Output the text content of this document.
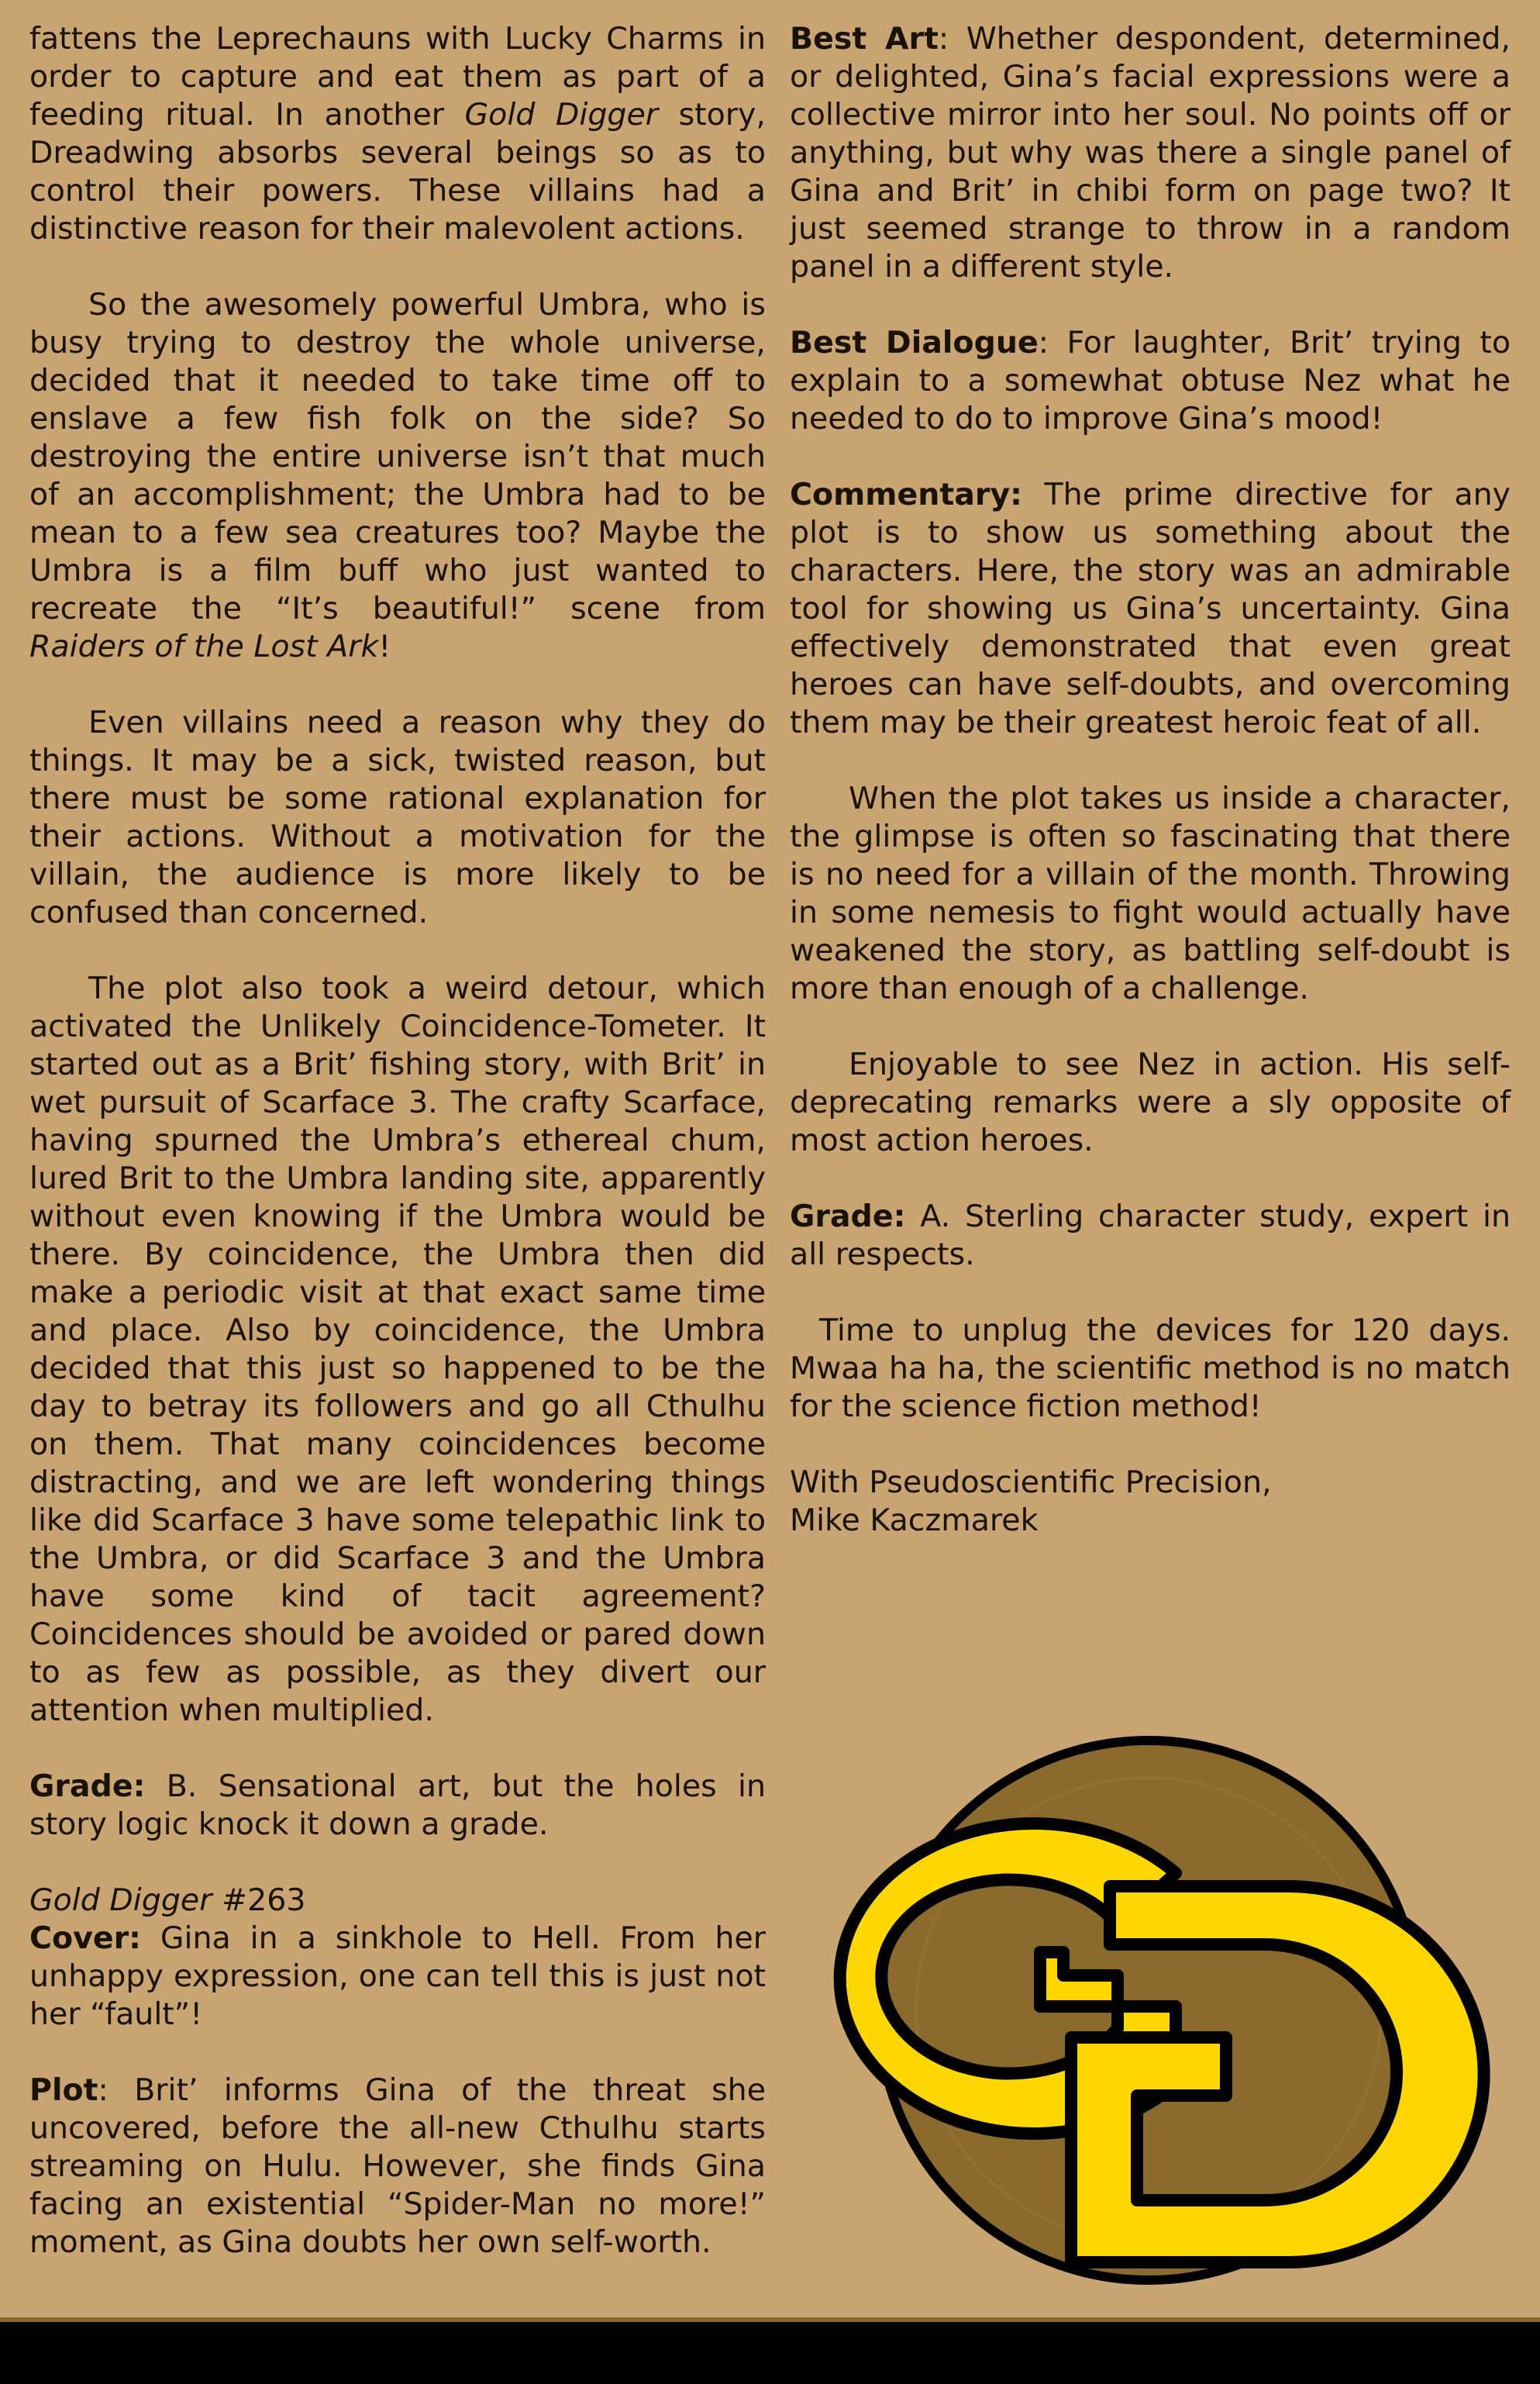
fattens the Leprechauns with Lucky Charms in order to capture and eat them as part of a feeding ritual. In another Gold Digger story, Dreadwing absorbs several beings so as to control their powers. These villains had a distinctive reason for their malevolent actions.

So the awesomely powerful Umbra, who is busy trying to destroy the whole universe, decided that it needed to take time off to enslave a few fish folk on the side? So destroying the entire universe isn’t that much of an accomplishment; the Umbra had to be mean to a few sea creatures too? Maybe the Umbra is a film buff who just wanted to recreate the “It’s beautiful!” scene from Raiders of the Lost Ark!

Even villains need a reason why they do things. It may be a sick, twisted reason, but there must be some rational explanation for their actions. Without a motivation for the villain, the audience is more likely to be confused than concerned.

The plot also took a weird detour, which activated the Unlikely Coincidence-Tometer. It started out as a Brit’ fishing story, with Brit’ in wet pursuit of Scarface 3. The crafty Scarface, having spurned the Umbra’s ethereal chum, lured Brit to the Umbra landing site, apparently without even knowing if the Umbra would be there. By coincidence, the Umbra then did make a periodic visit at that exact same time and place. Also by coincidence, the Umbra decided that this just so happened to be the day to betray its followers and go all Cthulhu on them. That many coincidences become distracting, and we are left wondering things like did Scarface 3 have some telepathic link to the Umbra, or did Scarface 3 and the Umbra have some kind of tacit agreement? Coincidences should be avoided or pared down to as few as possible, as they divert our attention when multiplied.

Grade: B. Sensational art, but the holes in story logic knock it down a grade.

Gold Digger #263

Cover: Gina in a sinkhole to Hell. From her unhappy expression, one can tell this is just not her “fault”!

Plot: Brit’ informs Gina of the threat she uncovered, before the all-new Cthulhu starts streaming on Hulu. However, she finds Gina facing an existential “Spider-Man no more!” moment, as Gina doubts her own self-worth.

Best Art: Whether despondent, determined, or delighted, Gina’s facial expressions were a collective mirror into her soul. No points off or anything, but why was there a single panel of Gina and Brit’ in chibi form on page two? It just seemed strange to throw in a random panel in a different style.

Best Dialogue: For laughter, Brit’ trying to explain to a somewhat obtuse Nez what he needed to do to improve Gina’s mood!

Commentary: The prime directive for any plot is to show us something about the characters. Here, the story was an admirable tool for showing us Gina’s uncertainty. Gina effectively demonstrated that even great heroes can have self-doubts, and overcoming them may be their greatest heroic feat of all.

When the plot takes us inside a character, the glimpse is often so fascinating that there is no need for a villain of the month. Throwing in some nemesis to fight would actually have weakened the story, as battling self-doubt is more than enough of a challenge.

Enjoyable to see Nez in action. His self-deprecating remarks were a sly opposite of most action heroes.

Grade: A. Sterling character study, expert in all respects.

Time to unplug the devices for 120 days. Mwaa ha ha, the scientific method is no match for the science fiction method!

With Pseudoscientific Precision,

Mike Kaczmarek
